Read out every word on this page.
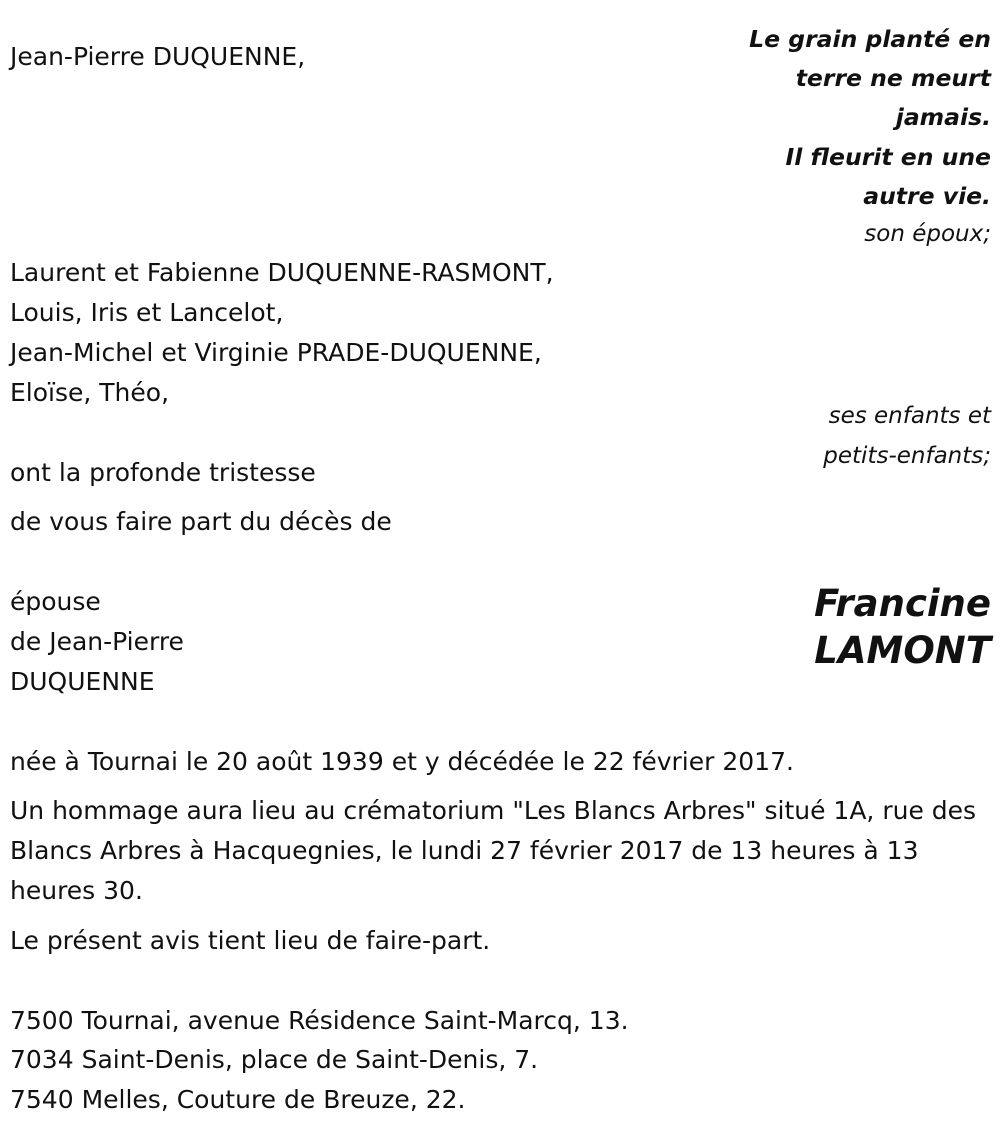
Jean-Pierre DUQUENNE,
Le grain planté en
terre ne meurt
jamais.
Il fleurit en une
autre vie.
son époux;
Laurent et Fabienne DUQUENNE-RASMONT,
Louis, Iris et Lancelot,
Jean-Michel et Virginie PRADE-DUQUENNE,
Eloïse, Théo,
ses enfants et
petits-enfants;
ont la profonde tristesse
de vous faire part du décès de
épouse
de Jean-Pierre
DUQUENNE
Francine
LAMONT
née à Tournai le 20 août 1939 et y décédée le 22 février 2017.
Un hommage aura lieu au crématorium "Les Blancs Arbres" situé 1A, rue des Blancs Arbres à Hacquegnies, le lundi 27 février 2017 de 13 heures à 13 heures 30.
Le présent avis tient lieu de faire-part.
7500 Tournai, avenue Résidence Saint-Marcq, 13.
7034 Saint-Denis, place de Saint-Denis, 7.
7540 Melles, Couture de Breuze, 22.
